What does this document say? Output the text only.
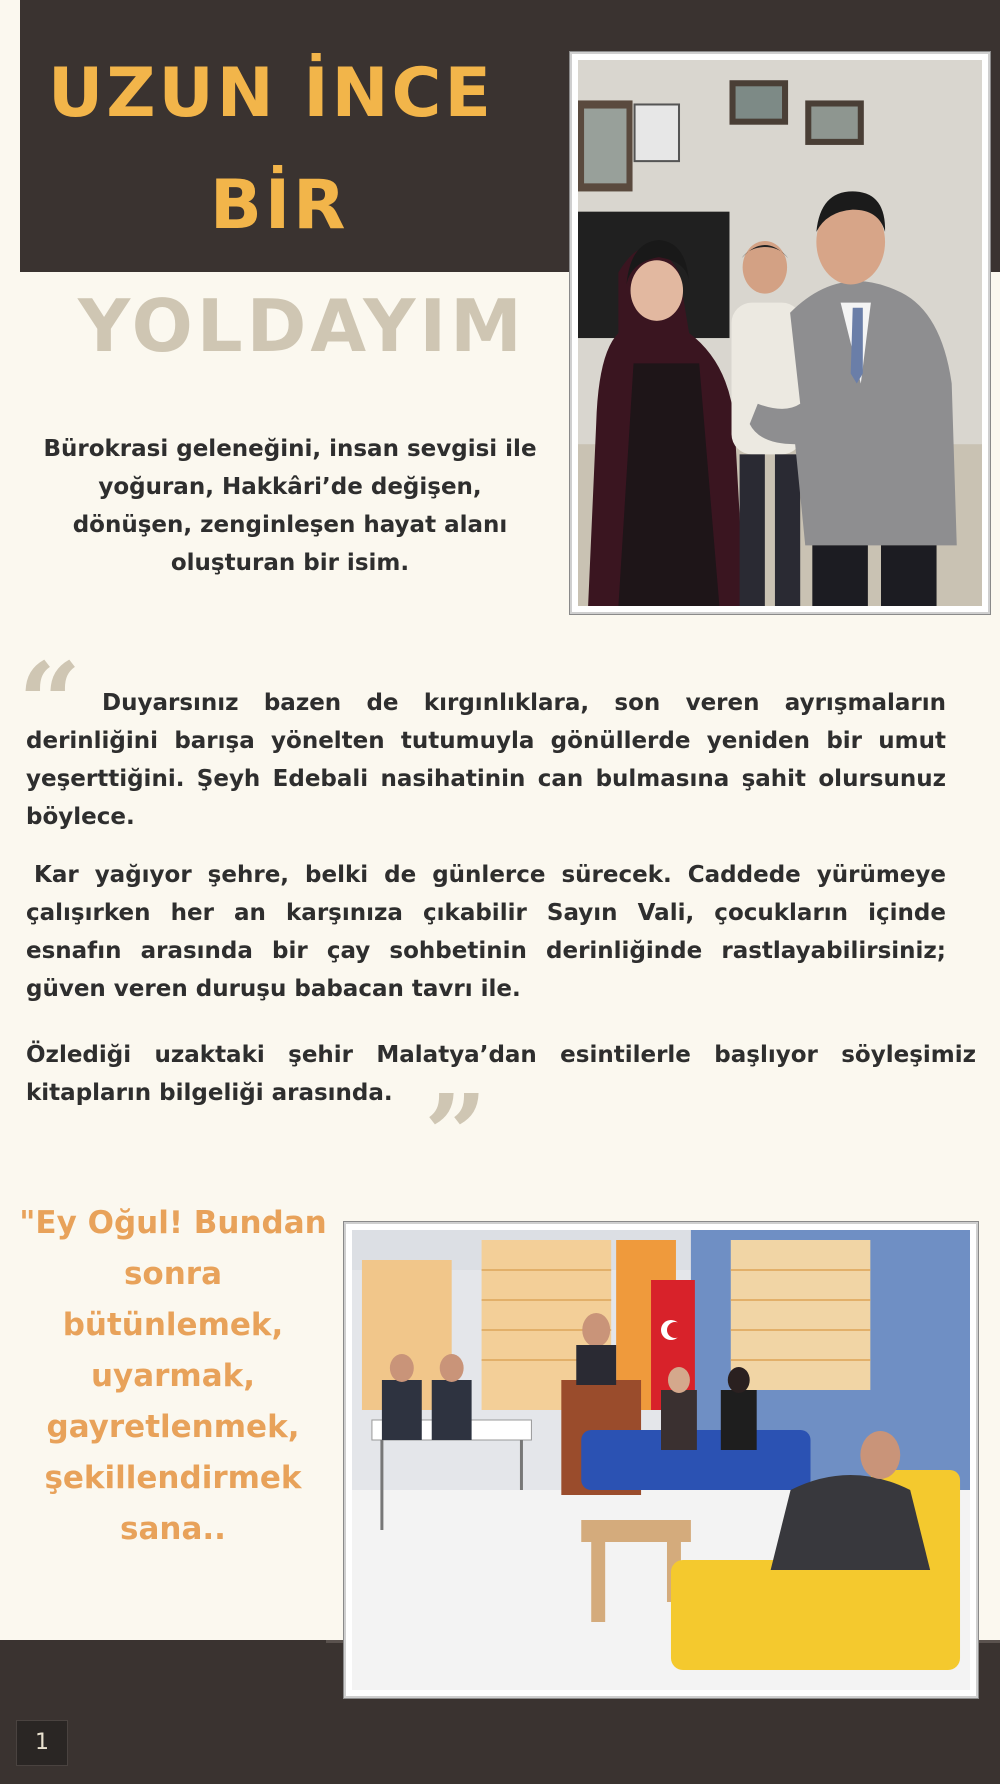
UZUN İNCE
BİR
YOLDAYIM
Bürokrasi geleneğini, insan sevgisi ile yoğuran, Hakkâri’de değişen, dönüşen, zenginleşen hayat alanı oluşturan bir isim.
“ Duyarsınız bazen de kırgınlıklara, son veren ayrışmaların derinliğini barışa yönelten tutumuyla gönüllerde yeniden bir umut yeşerttiğini. Şeyh Edebali nasihatinin can bulmasına şahit olursunuz böylece.
Kar yağıyor şehre, belki de günlerce sürecek. Caddede yürümeye çalışırken her an karşınıza çıkabilir Sayın Vali, çocukların içinde esnafın arasında bir çay sohbetinin derinliğinde rastlayabilirsiniz; güven veren duruşu babacan tavrı ile.
Özlediği uzaktaki şehir Malatya’dan esintilerle başlıyor söyleşimiz kitapların bilgeliği arasında. ”
"Ey Oğul! Bundan sonra bütünlemek, uyarmak, gayretlenmek, şekillendirmek sana..
1
